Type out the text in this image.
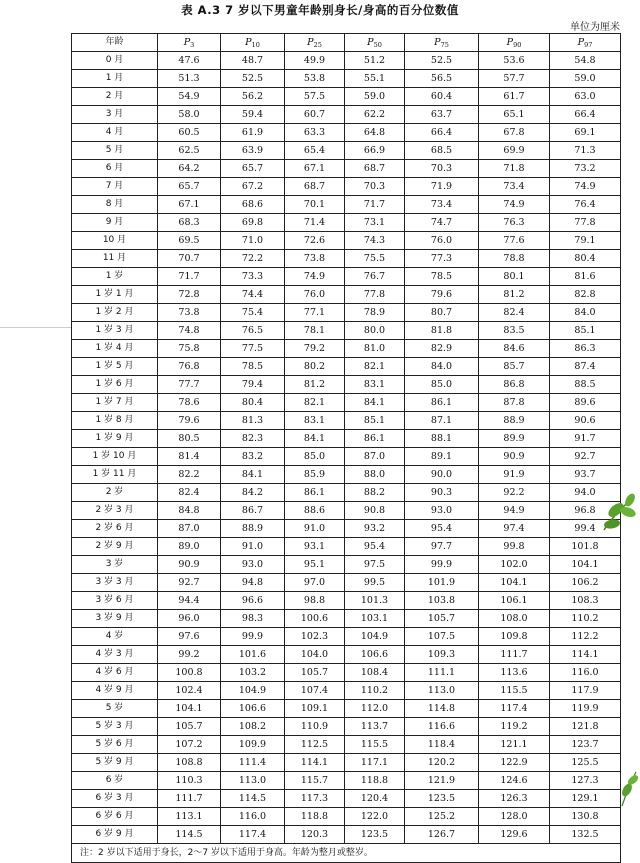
表 A.3 7 岁以下男童年龄别身长/身高的百分位数值
单位为厘米
年龄	$P_3$	$P_{10}$	$P_{25}$	$P_{50}$	$P_{75}$	$P_{90}$	$P_{97}$
0 月	47.6	48.7	49.9	51.2	52.5	53.6	54.8
1 月	51.3	52.5	53.8	55.1	56.5	57.7	59.0
2 月	54.9	56.2	57.5	59.0	60.4	61.7	63.0
3 月	58.0	59.4	60.7	62.2	63.7	65.1	66.4
4 月	60.5	61.9	63.3	64.8	66.4	67.8	69.1
5 月	62.5	63.9	65.4	66.9	68.5	69.9	71.3
6 月	64.2	65.7	67.1	68.7	70.3	71.8	73.2
7 月	65.7	67.2	68.7	70.3	71.9	73.4	74.9
8 月	67.1	68.6	70.1	71.7	73.4	74.9	76.4
9 月	68.3	69.8	71.4	73.1	74.7	76.3	77.8
10 月	69.5	71.0	72.6	74.3	76.0	77.6	79.1
11 月	70.7	72.2	73.8	75.5	77.3	78.8	80.4
1 岁	71.7	73.3	74.9	76.7	78.5	80.1	81.6
1 岁 1 月	72.8	74.4	76.0	77.8	79.6	81.2	82.8
1 岁 2 月	73.8	75.4	77.1	78.9	80.7	82.4	84.0
1 岁 3 月	74.8	76.5	78.1	80.0	81.8	83.5	85.1
1 岁 4 月	75.8	77.5	79.2	81.0	82.9	84.6	86.3
1 岁 5 月	76.8	78.5	80.2	82.1	84.0	85.7	87.4
1 岁 6 月	77.7	79.4	81.2	83.1	85.0	86.8	88.5
1 岁 7 月	78.6	80.4	82.1	84.1	86.1	87.8	89.6
1 岁 8 月	79.6	81.3	83.1	85.1	87.1	88.9	90.6
1 岁 9 月	80.5	82.3	84.1	86.1	88.1	89.9	91.7
1 岁 10 月	81.4	83.2	85.0	87.0	89.1	90.9	92.7
1 岁 11 月	82.2	84.1	85.9	88.0	90.0	91.9	93.7
2 岁	82.4	84.2	86.1	88.2	90.3	92.2	94.0
2 岁 3 月	84.8	86.7	88.6	90.8	93.0	94.9	96.8
2 岁 6 月	87.0	88.9	91.0	93.2	95.4	97.4	99.4
2 岁 9 月	89.0	91.0	93.1	95.4	97.7	99.8	101.8
3 岁	90.9	93.0	95.1	97.5	99.9	102.0	104.1
3 岁 3 月	92.7	94.8	97.0	99.5	101.9	104.1	106.2
3 岁 6 月	94.4	96.6	98.8	101.3	103.8	106.1	108.3
3 岁 9 月	96.0	98.3	100.6	103.1	105.7	108.0	110.2
4 岁	97.6	99.9	102.3	104.9	107.5	109.8	112.2
4 岁 3 月	99.2	101.6	104.0	106.6	109.3	111.7	114.1
4 岁 6 月	100.8	103.2	105.7	108.4	111.1	113.6	116.0
4 岁 9 月	102.4	104.9	107.4	110.2	113.0	115.5	117.9
5 岁	104.1	106.6	109.1	112.0	114.8	117.4	119.9
5 岁 3 月	105.7	108.2	110.9	113.7	116.6	119.2	121.8
5 岁 6 月	107.2	109.9	112.5	115.5	118.4	121.1	123.7
5 岁 9 月	108.8	111.4	114.1	117.1	120.2	122.9	125.5
6 岁	110.3	113.0	115.7	118.8	121.9	124.6	127.3
6 岁 3 月	111.7	114.5	117.3	120.4	123.5	126.3	129.1
6 岁 6 月	113.1	116.0	118.8	122.0	125.2	128.0	130.8
6 岁 9 月	114.5	117.4	120.3	123.5	126.7	129.6	132.5
注：2 岁以下适用于身长，2～7 岁以下适用于身高。年龄为整月或整岁。							
